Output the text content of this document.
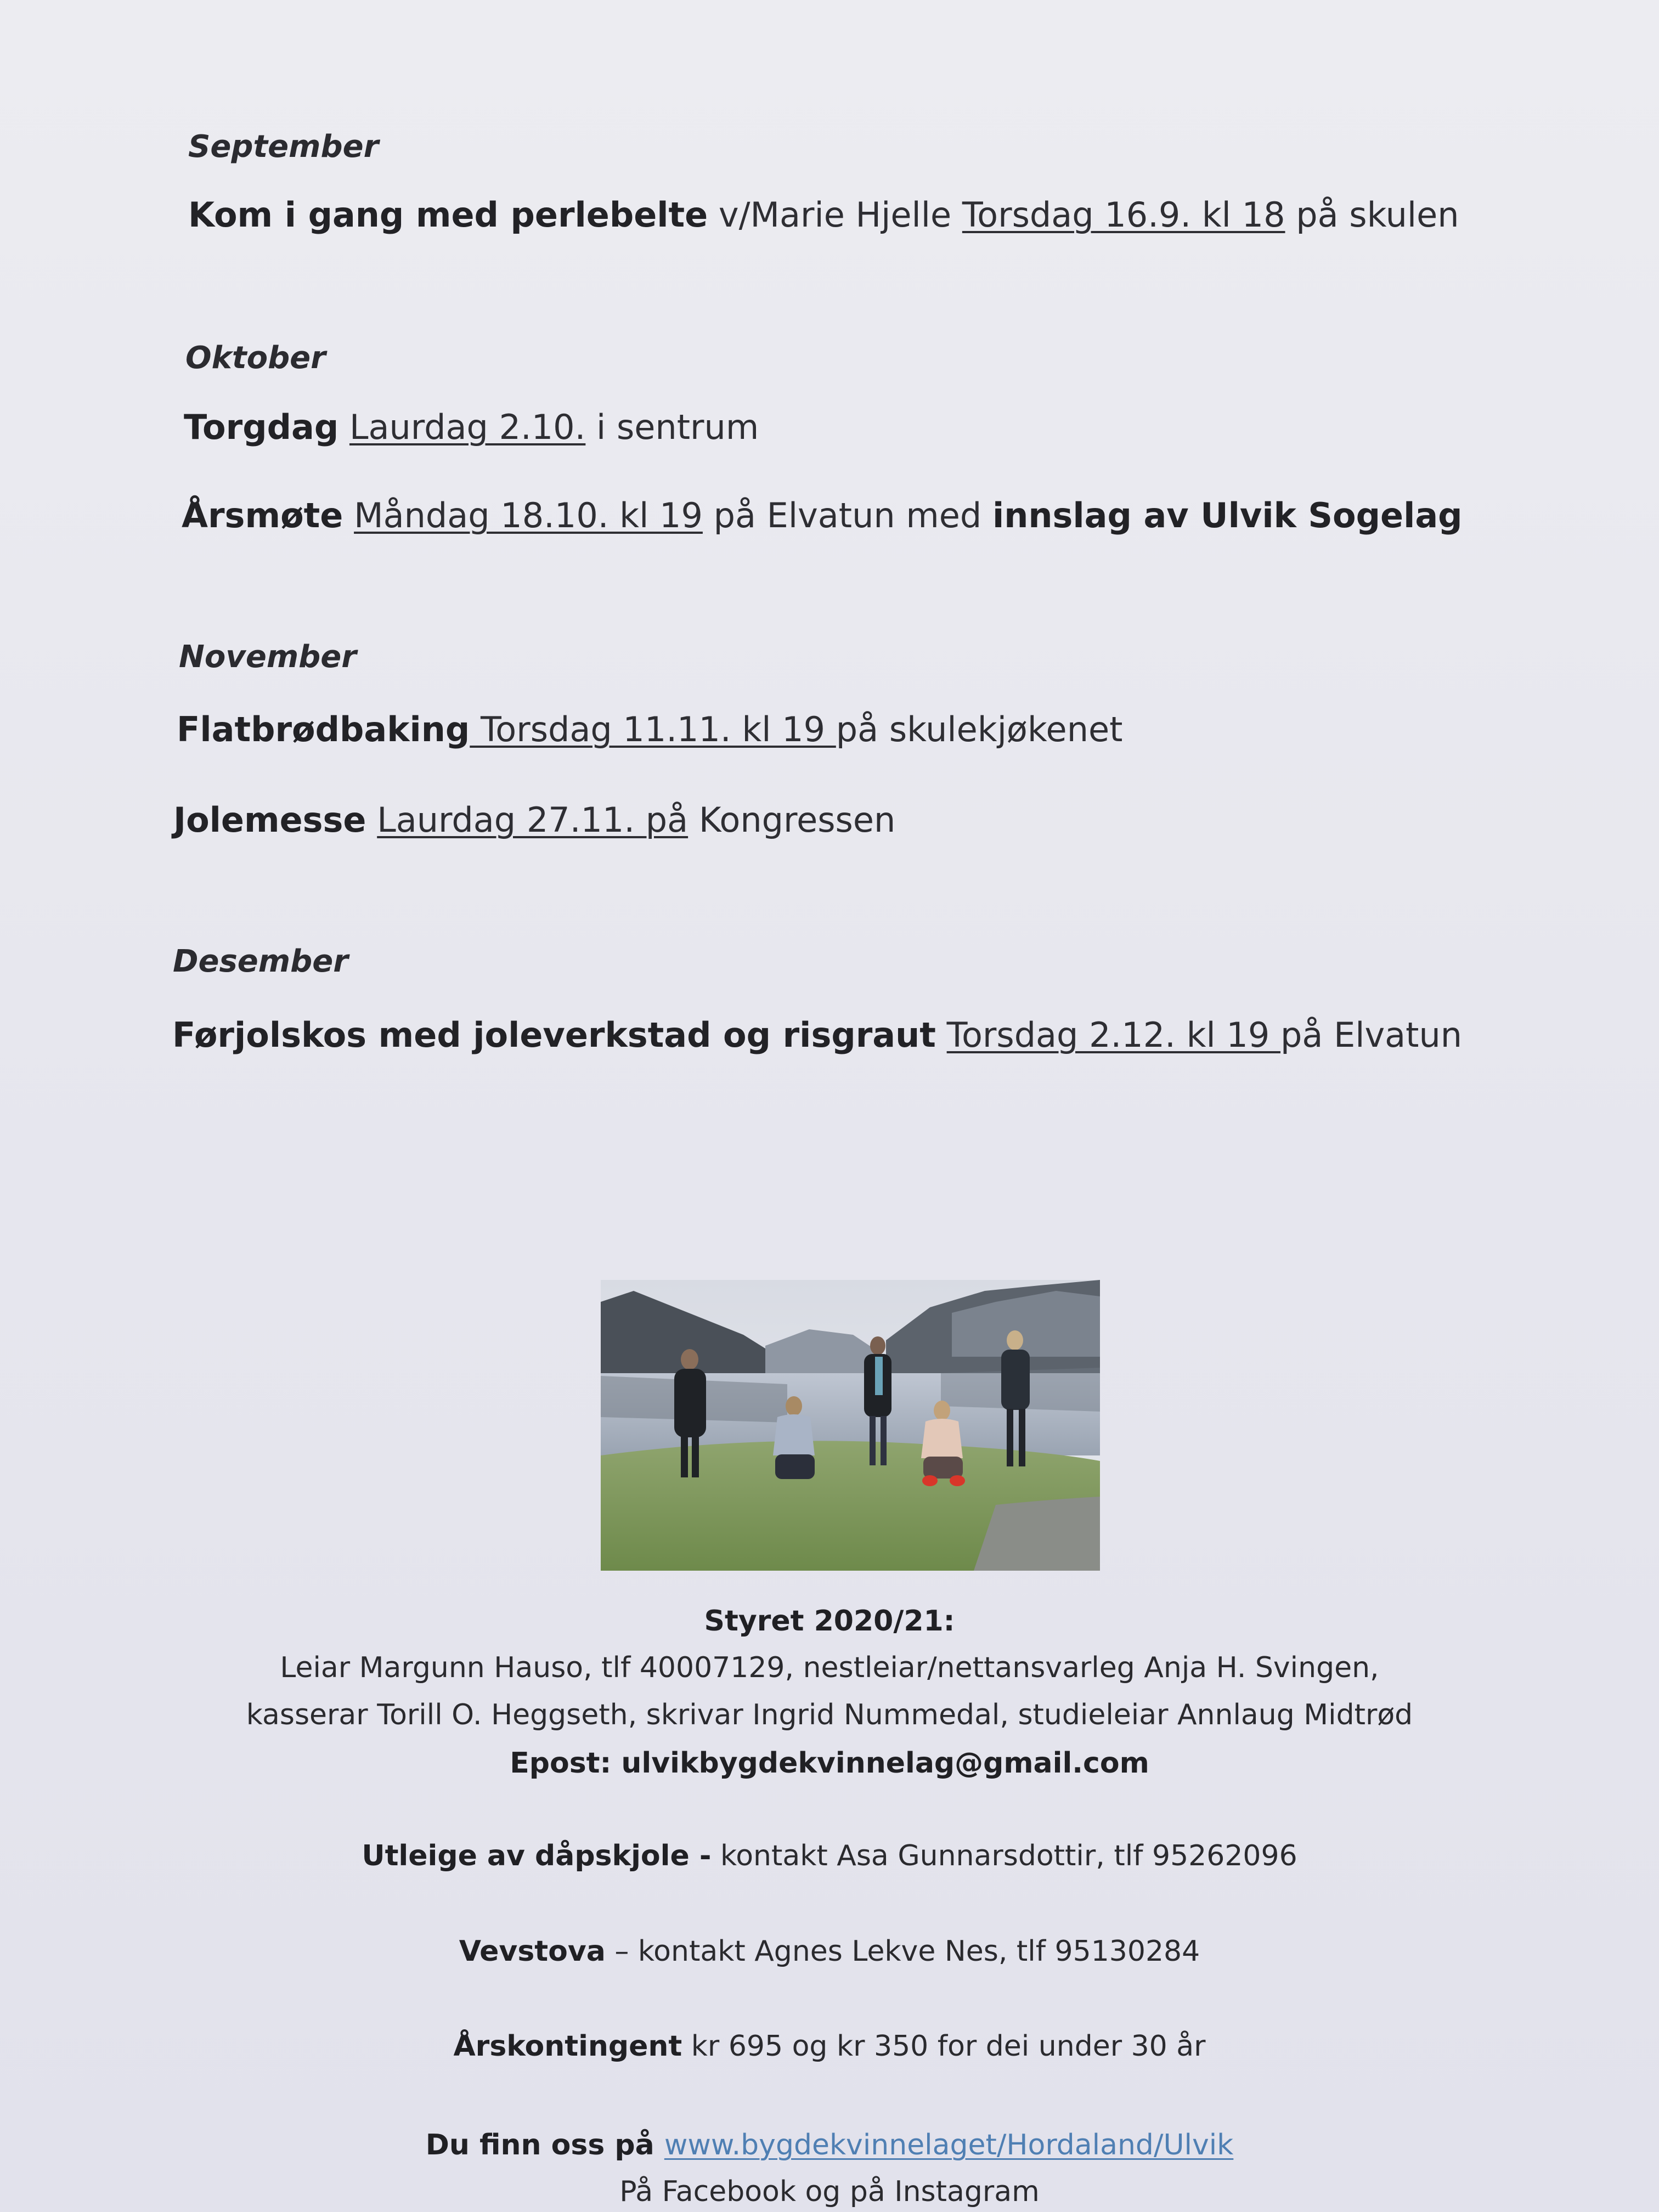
September

Kom i gang med perlebelte v/Marie Hjelle Torsdag 16.9. kl 18 på skulen

Oktober

Torgdag Laurdag 2.10. i sentrum

Årsmøte Måndag 18.10. kl 19 på Elvatun med innslag av Ulvik Sogelag

November

Flatbrødbaking Torsdag 11.11. kl 19 på skulekjøkenet

Jolemesse Laurdag 27.11. på Kongressen

Desember

Førjolskos med joleverkstad og risgraut Torsdag 2.12. kl 19 på Elvatun

Styret 2020/21:

Leiar Margunn Hauso, tlf 40007129, nestleiar/nettansvarleg Anja H. Svingen,

kasserar Torill O. Heggseth, skrivar Ingrid Nummedal, studieleiar Annlaug Midtrød

Epost: ulvikbygdekvinnelag@gmail.com

Utleige av dåpskjole - kontakt Asa Gunnarsdottir, tlf 95262096

Vevstova – kontakt Agnes Lekve Nes, tlf 95130284

Årskontingent kr 695 og kr 350 for dei under 30 år

Du finn oss på www.bygdekvinnelaget/Hordaland/Ulvik

På Facebook og på Instagram
